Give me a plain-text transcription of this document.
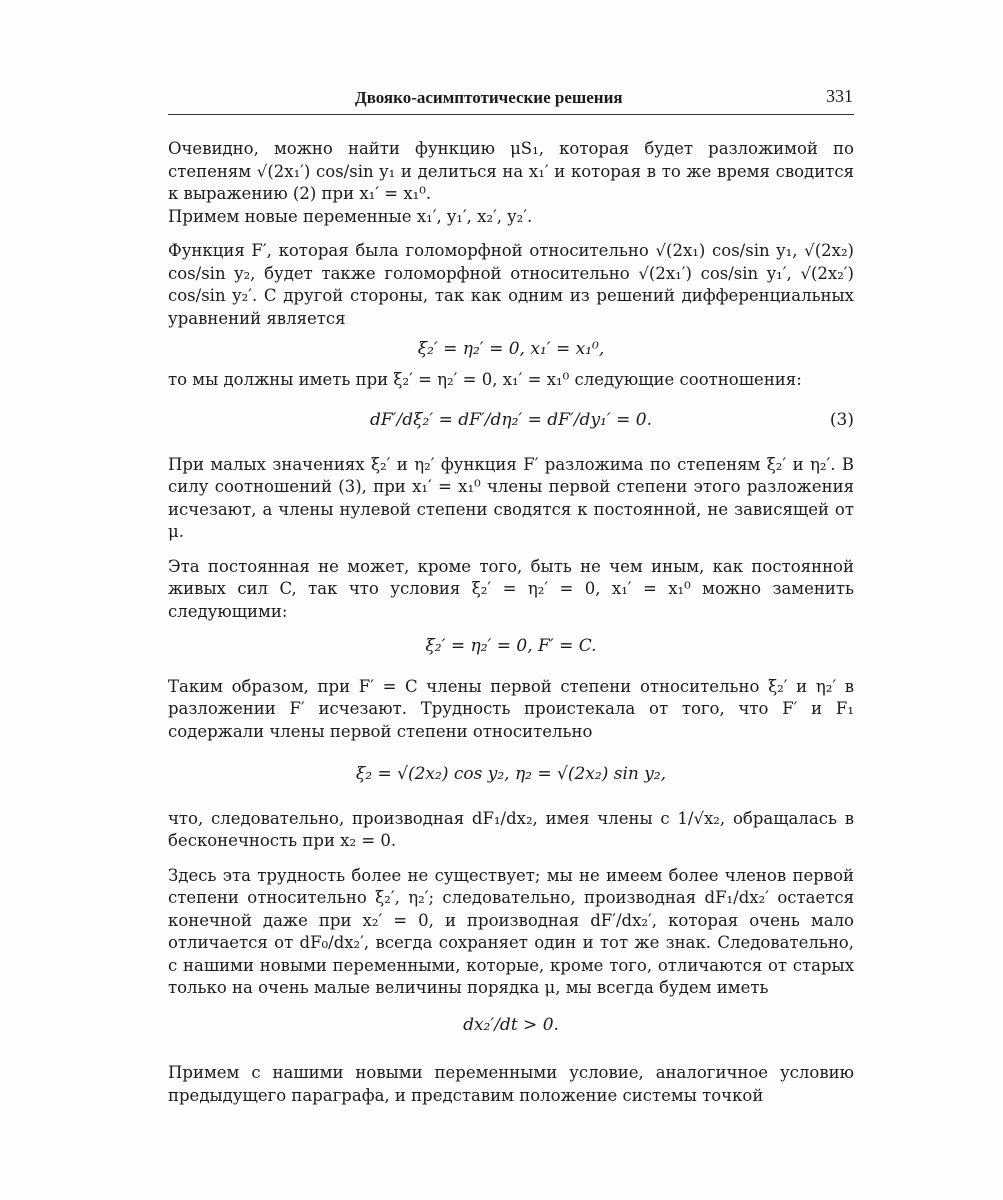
Двояко-асимптотические решения	331

Очевидно, можно найти функцию μS₁, которая будет разложимой по степеням √(2x₁′) cos/sin y₁ и делиться на x₁′ и которая в то же время сводится к выражению (2) при x₁′ = x₁⁰.

Примем новые переменные x₁′, y₁′, x₂′, y₂′.

Функция F′, которая была голоморфной относительно √(2x₁) cos/sin y₁, √(2x₂) cos/sin y₂, будет также голоморфной относительно √(2x₁′) cos/sin y₁′, √(2x₂′) cos/sin y₂′. С другой стороны, так как одним из решений дифференциальных уравнений является

ξ₂′ = η₂′ = 0, x₁′ = x₁⁰,

то мы должны иметь при ξ₂′ = η₂′ = 0, x₁′ = x₁⁰ следующие соотношения:

dF′/dξ₂′ = dF′/dη₂′ = dF′/dy₁′ = 0.	(3)

При малых значениях ξ₂′ и η₂′ функция F′ разложима по степеням ξ₂′ и η₂′. В силу соотношений (3), при x₁′ = x₁⁰ члены первой степени этого разложения исчезают, а члены нулевой степени сводятся к постоянной, не зависящей от μ.

Эта постоянная не может, кроме того, быть не чем иным, как постоянной живых сил C, так что условия ξ₂′ = η₂′ = 0, x₁′ = x₁⁰ можно заменить следующими:

ξ₂′ = η₂′ = 0, F′ = C.

Таким образом, при F′ = C члены первой степени относительно ξ₂′ и η₂′ в разложении F′ исчезают. Трудность проистекала от того, что F′ и F₁ содержали члены первой степени относительно

ξ₂ = √(2x₂) cos y₂, η₂ = √(2x₂) sin y₂,

что, следовательно, производная dF₁/dx₂, имея члены с 1/√x₂, обращалась в бесконечность при x₂ = 0.

Здесь эта трудность более не существует; мы не имеем более членов первой степени относительно ξ₂′, η₂′; следовательно, производная dF₁/dx₂′ остается конечной даже при x₂′ = 0, и производная dF′/dx₂′, которая очень мало отличается от dF₀/dx₂′, всегда сохраняет один и тот же знак. Следовательно, с нашими новыми переменными, которые, кроме того, отличаются от старых только на очень малые величины порядка μ, мы всегда будем иметь

dx₂′/dt > 0.

Примем с нашими новыми переменными условие, аналогичное условию предыдущего параграфа, и представим положение системы точкой
